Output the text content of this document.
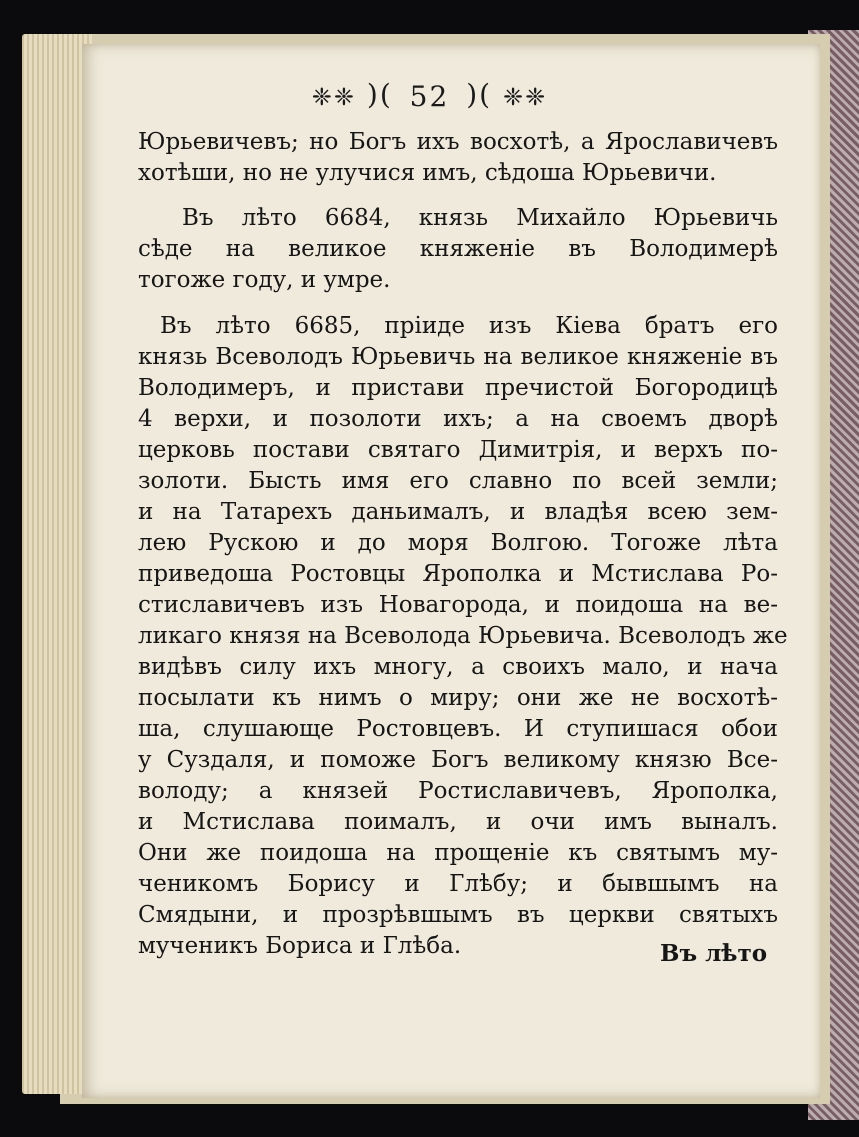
❈❈ )( 52 )( ❈❈
Юрьевичевъ; но Богъ ихъ восхотѣ, а Ярославичевъ
хотѣши, но не улучися имъ, сѣдоша Юрьевичи.
Въ лѣто 6684, князь Михайло Юрьевичь
сѣде на великое княженіе въ Володимерѣ
тогоже году, и умре.
Въ лѣто 6685, пріиде изъ Кіева братъ его
князь Всеволодъ Юрьевичь на великое княженіе въ
Володимеръ, и пристави пречистой Богородицѣ
4 верхи, и позолоти ихъ; а на своемъ дворѣ
церковь постави святаго Димитрія, и верхъ по-
золоти. Бысть имя его славно по всей земли;
и на Татарехъ даньималъ, и владѣя всею зем-
лею Рускою и до моря Волгою. Тогоже лѣта
приведоша Ростовцы Ярополка и Мстислава Ро-
стиславичевъ изъ Новагорода, и поидоша на ве-
ликаго князя на Всеволода Юрьевича. Всеволодъ же
видѣвъ силу ихъ многу, а своихъ мало, и нача
посылати къ нимъ о миру; они же не восхотѣ-
ша, слушающе Ростовцевъ. И ступишася обои
у Суздаля, и поможе Богъ великому князю Все-
володу; а князей Ростиславичевъ, Ярополка,
и Мстислава поималъ, и очи имъ выналъ.
Они же поидоша на прощеніе къ святымъ му-
ченикомъ Борису и Глѣбу; и бывшымъ на
Смядыни, и прозрѣвшымъ въ церкви святыхъ
мученикъ Бориса и Глѣба.	Въ лѣто
